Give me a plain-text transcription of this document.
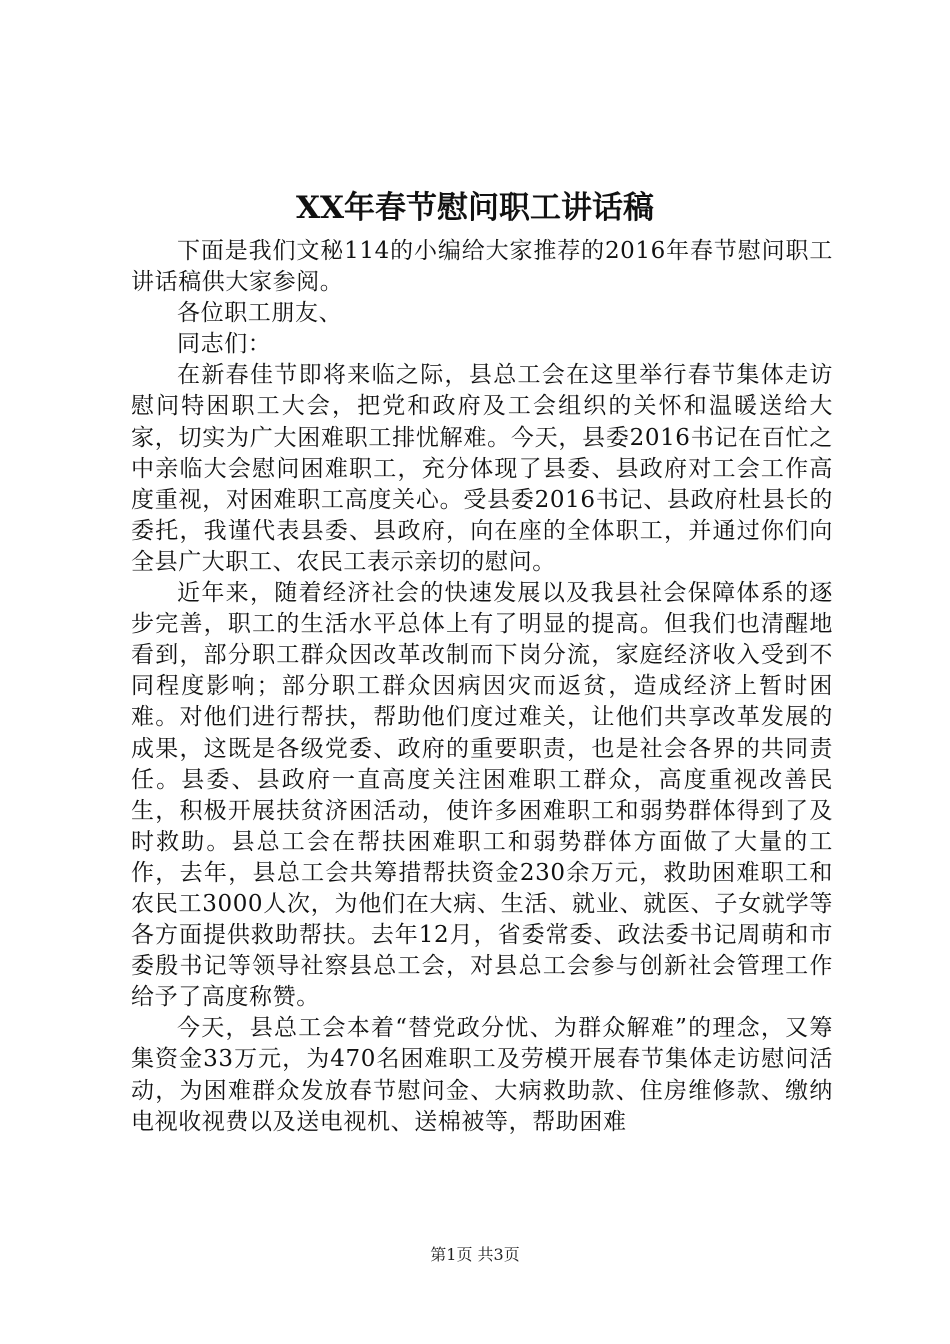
XX年春节慰问职工讲话稿

下面是我们文秘114的小编给大家推荐的2016年春节慰问职工讲话稿供大家参阅。

各位职工朋友、

同志们：

在新春佳节即将来临之际，县总工会在这里举行春节集体走访慰问特困职工大会，把党和政府及工会组织的关怀和温暖送给大家，切实为广大困难职工排忧解难。今天，县委2016书记在百忙之中亲临大会慰问困难职工，充分体现了县委、县政府对工会工作高度重视，对困难职工高度关心。受县委2016书记、县政府杜县长的委托，我谨代表县委、县政府，向在座的全体职工，并通过你们向全县广大职工、农民工表示亲切的慰问。

近年来，随着经济社会的快速发展以及我县社会保障体系的逐步完善，职工的生活水平总体上有了明显的提高。但我们也清醒地看到，部分职工群众因改革改制而下岗分流，家庭经济收入受到不同程度影响；部分职工群众因病因灾而返贫，造成经济上暂时困难。对他们进行帮扶，帮助他们度过难关，让他们共享改革发展的成果，这既是各级党委、政府的重要职责，也是社会各界的共同责任。县委、县政府一直高度关注困难职工群众，高度重视改善民生，积极开展扶贫济困活动，使许多困难职工和弱势群体得到了及时救助。县总工会在帮扶困难职工和弱势群体方面做了大量的工作，去年，县总工会共筹措帮扶资金230余万元，救助困难职工和农民工3000人次，为他们在大病、生活、就业、就医、子女就学等各方面提供救助帮扶。去年12月，省委常委、政法委书记周萌和市委殷书记等领导社察县总工会，对县总工会参与创新社会管理工作给予了高度称赞。

今天，县总工会本着“替党政分忧、为群众解难”的理念，又筹集资金33万元，为470名困难职工及劳模开展春节集体走访慰问活动，为困难群众发放春节慰问金、大病救助款、住房维修款、缴纳电视收视费以及送电视机、送棉被等，帮助困难

第1页 共3页
